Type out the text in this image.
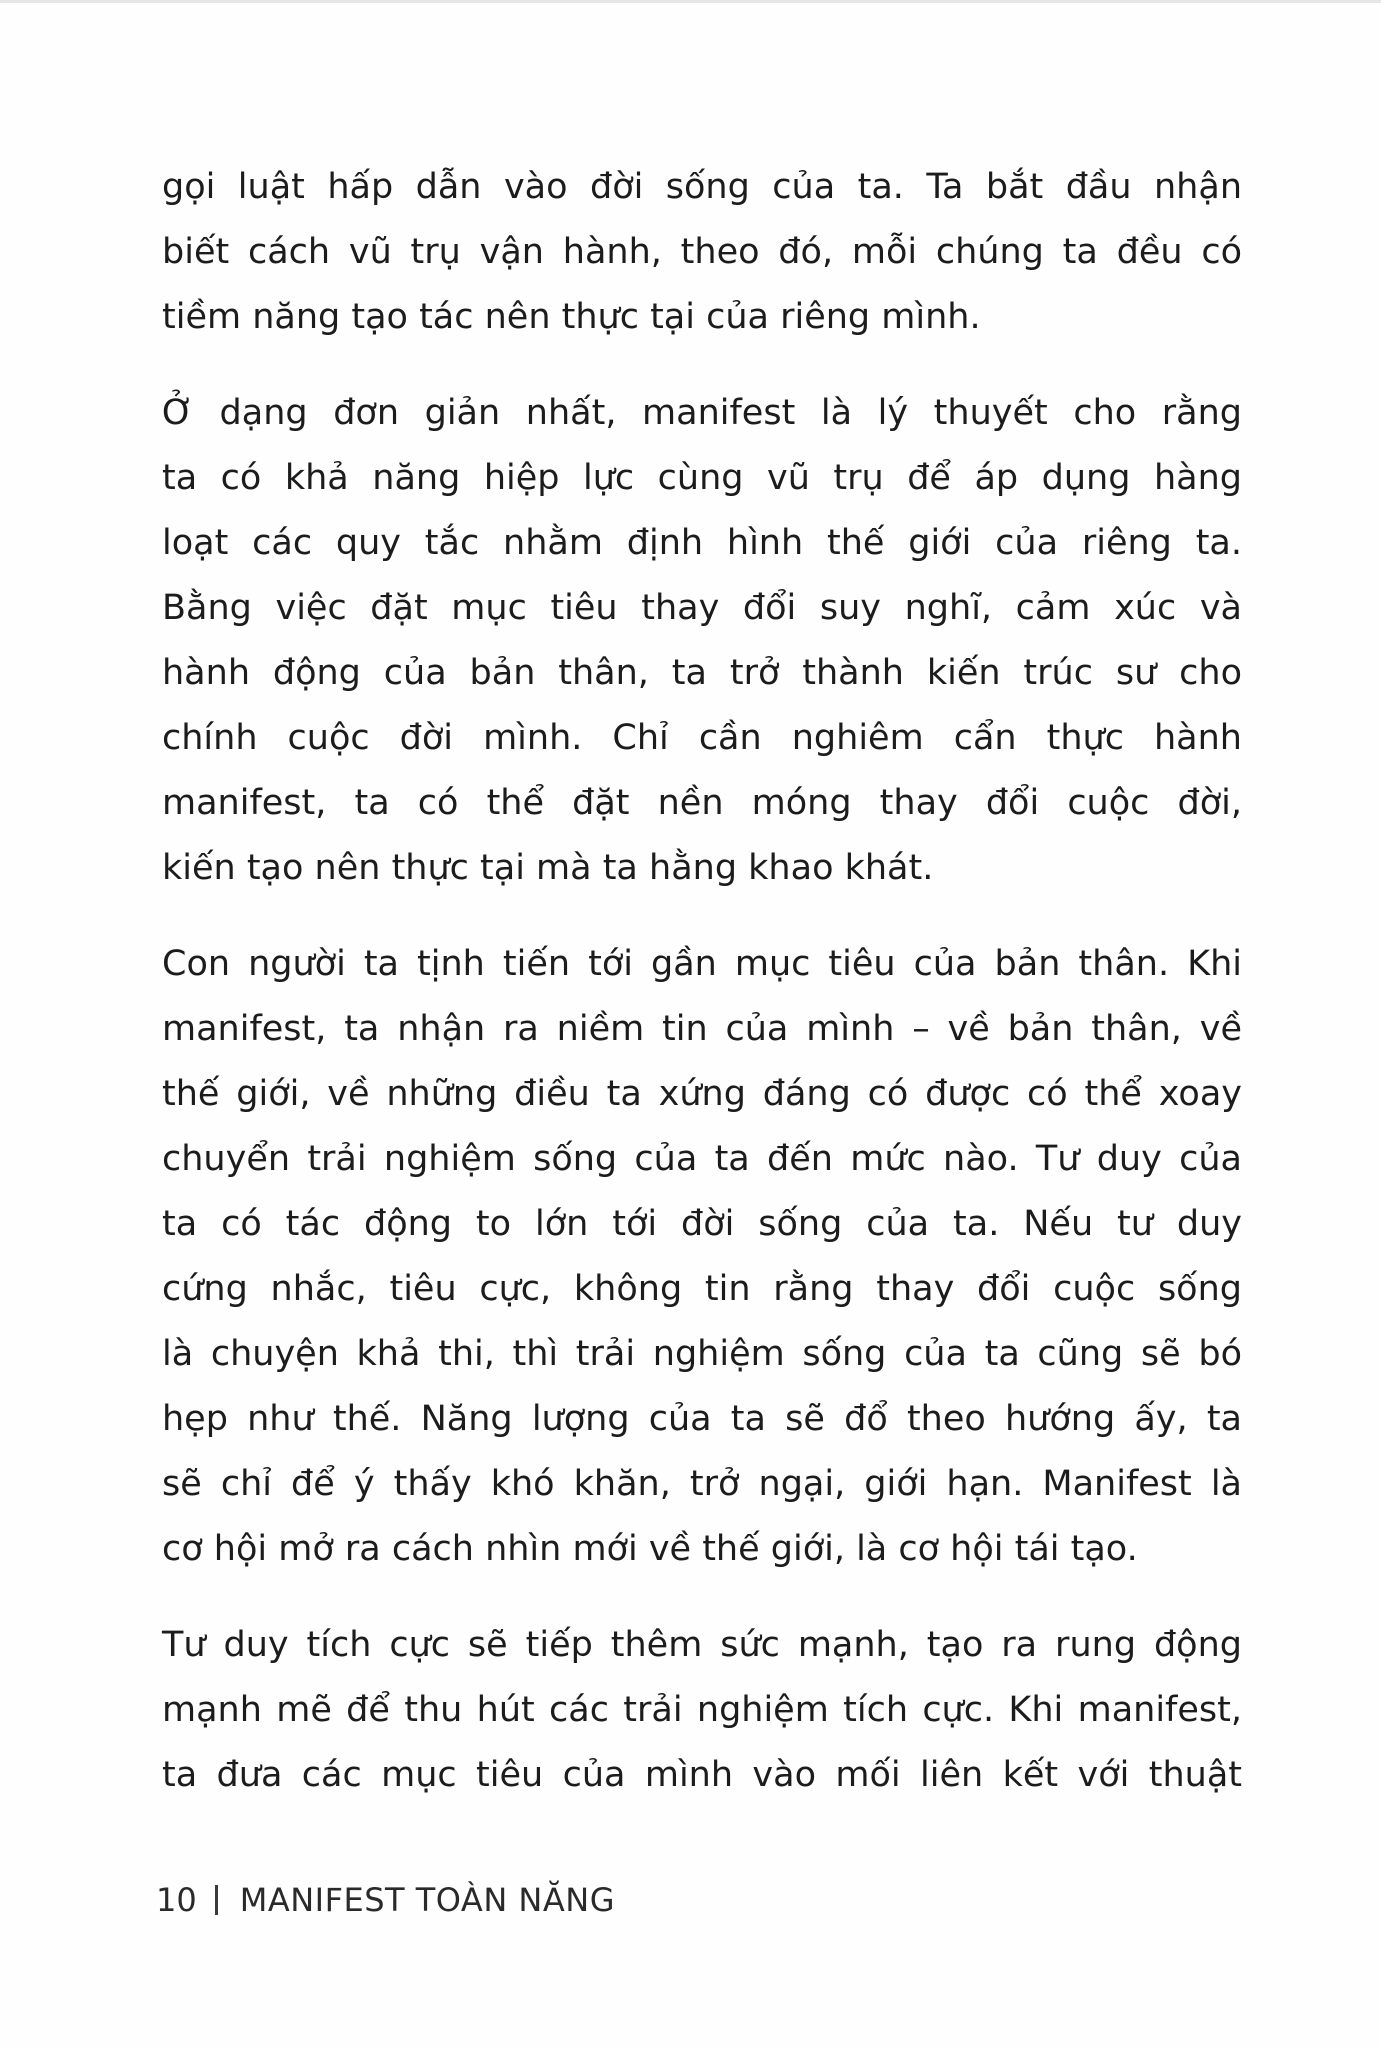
gọi luật hấp dẫn vào đời sống của ta. Ta bắt đầu nhận
biết cách vũ trụ vận hành, theo đó, mỗi chúng ta đều có
tiềm năng tạo tác nên thực tại của riêng mình.
Ở dạng đơn giản nhất, manifest là lý thuyết cho rằng
ta có khả năng hiệp lực cùng vũ trụ để áp dụng hàng
loạt các quy tắc nhằm định hình thế giới của riêng ta.
Bằng việc đặt mục tiêu thay đổi suy nghĩ, cảm xúc và
hành động của bản thân, ta trở thành kiến trúc sư cho
chính cuộc đời mình. Chỉ cần nghiêm cẩn thực hành
manifest, ta có thể đặt nền móng thay đổi cuộc đời,
kiến tạo nên thực tại mà ta hằng khao khát.
Con người ta tịnh tiến tới gần mục tiêu của bản thân. Khi
manifest, ta nhận ra niềm tin của mình – về bản thân, về
thế giới, về những điều ta xứng đáng có được có thể xoay
chuyển trải nghiệm sống của ta đến mức nào. Tư duy của
ta có tác động to lớn tới đời sống của ta. Nếu tư duy
cứng nhắc, tiêu cực, không tin rằng thay đổi cuộc sống
là chuyện khả thi, thì trải nghiệm sống của ta cũng sẽ bó
hẹp như thế. Năng lượng của ta sẽ đổ theo hướng ấy, ta
sẽ chỉ để ý thấy khó khăn, trở ngại, giới hạn. Manifest là
cơ hội mở ra cách nhìn mới về thế giới, là cơ hội tái tạo.
Tư duy tích cực sẽ tiếp thêm sức mạnh, tạo ra rung động
mạnh mẽ để thu hút các trải nghiệm tích cực. Khi manifest,
ta đưa các mục tiêu của mình vào mối liên kết với thuật
10 MANIFEST TOÀN NĂNG
